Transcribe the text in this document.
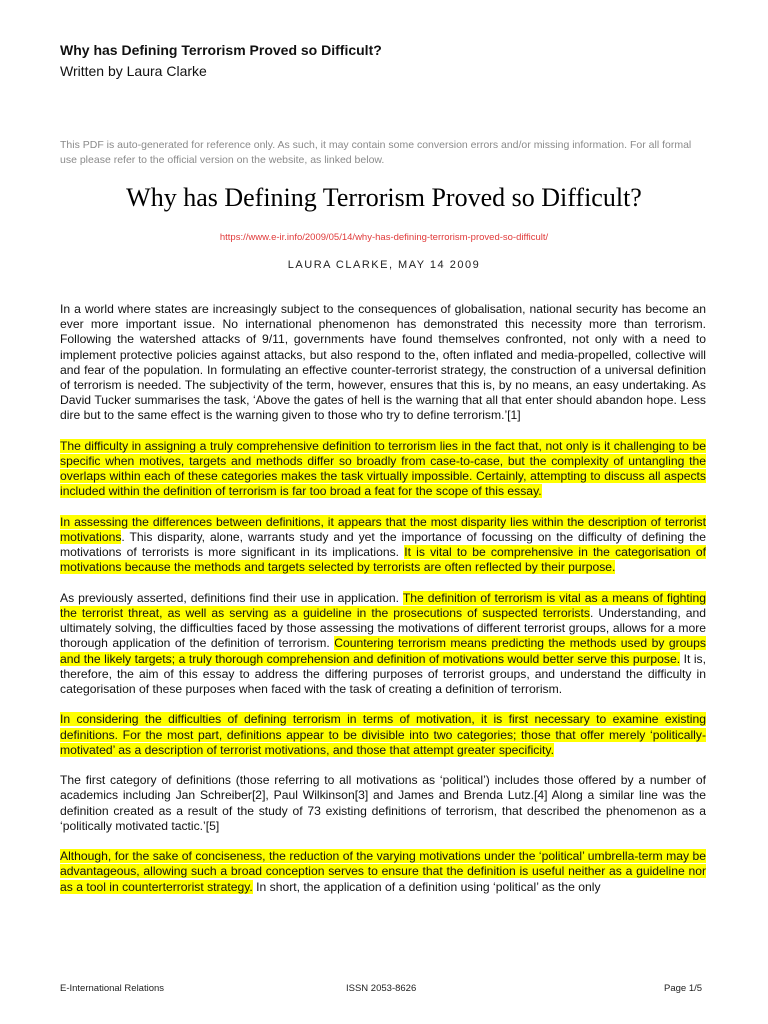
Why has Defining Terrorism Proved so Difficult?
Written by Laura Clarke
This PDF is auto-generated for reference only. As such, it may contain some conversion errors and/or missing information. For all formal use please refer to the official version on the website, as linked below.
Why has Defining Terrorism Proved so Difficult?
https://www.e-ir.info/2009/05/14/why-has-defining-terrorism-proved-so-difficult/
LAURA CLARKE, MAY 14 2009

In a world where states are increasingly subject to the consequences of globalisation, national security has become an ever more important issue. No international phenomenon has demonstrated this necessity more than terrorism. Following the watershed attacks of 9/11, governments have found themselves confronted, not only with a need to implement protective policies against attacks, but also respond to the, often inflated and media-propelled, collective will and fear of the population. In formulating an effective counter-terrorist strategy, the construction of a universal definition of terrorism is needed. The subjectivity of the term, however, ensures that this is, by no means, an easy undertaking. As David Tucker summarises the task, ‘Above the gates of hell is the warning that all that enter should abandon hope. Less dire but to the same effect is the warning given to those who try to define terrorism.’[1]

The difficulty in assigning a truly comprehensive definition to terrorism lies in the fact that, not only is it challenging to be specific when motives, targets and methods differ so broadly from case-to-case, but the complexity of untangling the overlaps within each of these categories makes the task virtually impossible. Certainly, attempting to discuss all aspects included within the definition of terrorism is far too broad a feat for the scope of this essay.

In assessing the differences between definitions, it appears that the most disparity lies within the description of terrorist motivations. This disparity, alone, warrants study and yet the importance of focussing on the difficulty of defining the motivations of terrorists is more significant in its implications. It is vital to be comprehensive in the categorisation of motivations because the methods and targets selected by terrorists are often reflected by their purpose.

As previously asserted, definitions find their use in application. The definition of terrorism is vital as a means of fighting the terrorist threat, as well as serving as a guideline in the prosecutions of suspected terrorists. Understanding, and ultimately solving, the difficulties faced by those assessing the motivations of different terrorist groups, allows for a more thorough application of the definition of terrorism. Countering terrorism means predicting the methods used by groups and the likely targets; a truly thorough comprehension and definition of motivations would better serve this purpose. It is, therefore, the aim of this essay to address the differing purposes of terrorist groups, and understand the difficulty in categorisation of these purposes when faced with the task of creating a definition of terrorism.

In considering the difficulties of defining terrorism in terms of motivation, it is first necessary to examine existing definitions. For the most part, definitions appear to be divisible into two categories; those that offer merely ‘politically-motivated’ as a description of terrorist motivations, and those that attempt greater specificity.

The first category of definitions (those referring to all motivations as ‘political’) includes those offered by a number of academics including Jan Schreiber[2], Paul Wilkinson[3] and James and Brenda Lutz.[4] Along a similar line was the definition created as a result of the study of 73 existing definitions of terrorism, that described the phenomenon as a ‘politically motivated tactic.’[5]

Although, for the sake of conciseness, the reduction of the varying motivations under the ‘political’ umbrella-term may be advantageous, allowing such a broad conception serves to ensure that the definition is useful neither as a guideline nor as a tool in counterterrorist strategy. In short, the application of a definition using ‘political’ as the only

E-International Relations	ISSN 2053-8626	Page 1/5
